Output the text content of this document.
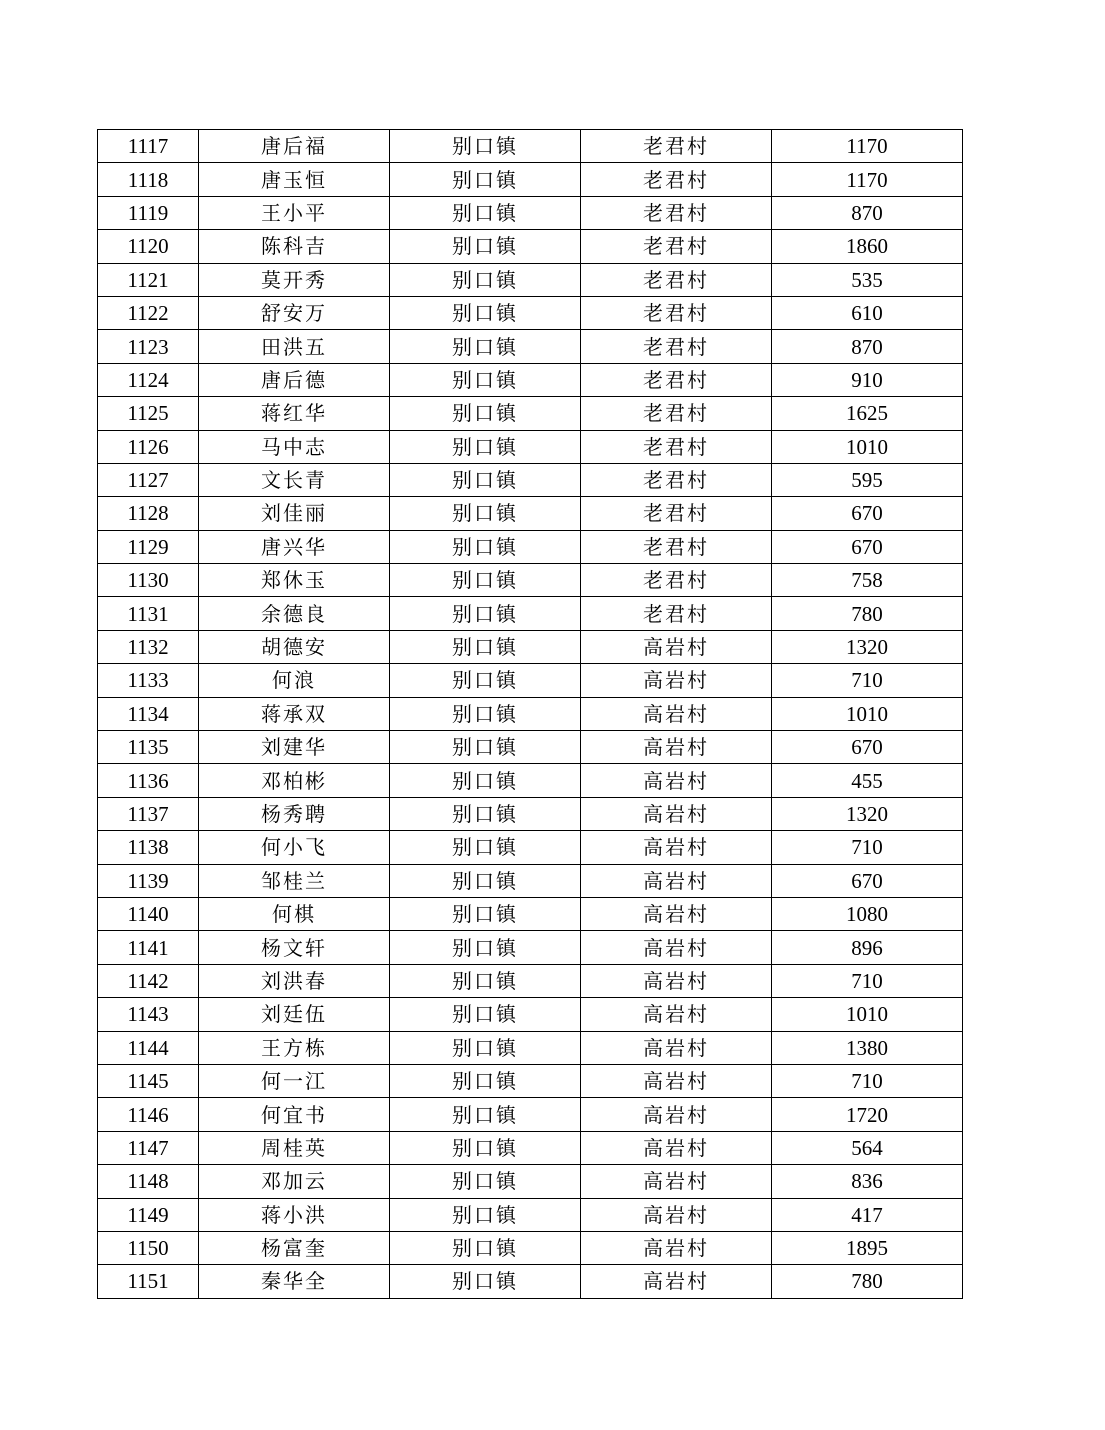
1117	唐后福	别口镇	老君村	1170
1118	唐玉恒	别口镇	老君村	1170
1119	王小平	别口镇	老君村	870
1120	陈科吉	别口镇	老君村	1860
1121	莫开秀	别口镇	老君村	535
1122	舒安万	别口镇	老君村	610
1123	田洪五	别口镇	老君村	870
1124	唐后德	别口镇	老君村	910
1125	蒋红华	别口镇	老君村	1625
1126	马中志	别口镇	老君村	1010
1127	文长青	别口镇	老君村	595
1128	刘佳丽	别口镇	老君村	670
1129	唐兴华	别口镇	老君村	670
1130	郑休玉	别口镇	老君村	758
1131	余德良	别口镇	老君村	780
1132	胡德安	别口镇	高岩村	1320
1133	何浪	别口镇	高岩村	710
1134	蒋承双	别口镇	高岩村	1010
1135	刘建华	别口镇	高岩村	670
1136	邓柏彬	别口镇	高岩村	455
1137	杨秀聘	别口镇	高岩村	1320
1138	何小飞	别口镇	高岩村	710
1139	邹桂兰	别口镇	高岩村	670
1140	何棋	别口镇	高岩村	1080
1141	杨文轩	别口镇	高岩村	896
1142	刘洪春	别口镇	高岩村	710
1143	刘廷伍	别口镇	高岩村	1010
1144	王方栋	别口镇	高岩村	1380
1145	何一江	别口镇	高岩村	710
1146	何宜书	别口镇	高岩村	1720
1147	周桂英	别口镇	高岩村	564
1148	邓加云	别口镇	高岩村	836
1149	蒋小洪	别口镇	高岩村	417
1150	杨富奎	别口镇	高岩村	1895
1151	秦华全	别口镇	高岩村	780
